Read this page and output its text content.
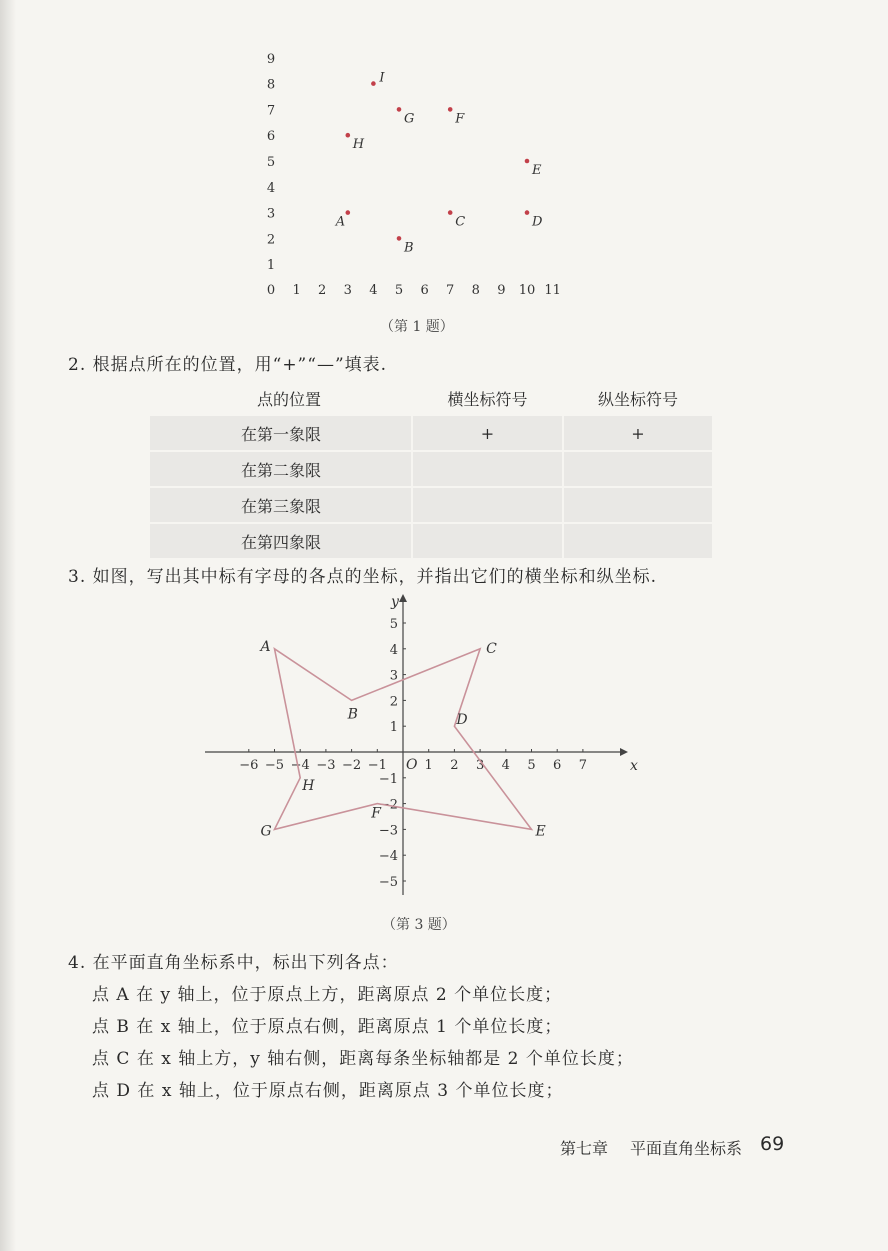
1
2
3
4
5
6
7
8
9
0 1 2 3 4 5 6 7 8 9 10 11
I
G	F
H
E
A	C	D
B
（第 1 题）
2. 根据点所在的位置，用“+”“—”填表.
点的位置	横坐标符号	纵坐标符号
在第一象限	+	+
在第二象限		
在第三象限		
在第四象限		
3. 如图，写出其中标有字母的各点的坐标，并指出它们的横坐标和纵坐标.
x
y
O
−6 −5 −4 −3 −2 −1	1 2 3 4 5 6 7
5
4
3
2
1
−1
−2
−3
−4
−5
A
B
C
D
E
F
G
H
（第 3 题）
4. 在平面直角坐标系中，标出下列各点：
点 A 在 y 轴上，位于原点上方，距离原点 2 个单位长度；
点 B 在 x 轴上，位于原点右侧，距离原点 1 个单位长度；
点 C 在 x 轴上方，y 轴右侧，距离每条坐标轴都是 2 个单位长度；
点 D 在 x 轴上，位于原点右侧，距离原点 3 个单位长度；
第七章 平面直角坐标系 69
